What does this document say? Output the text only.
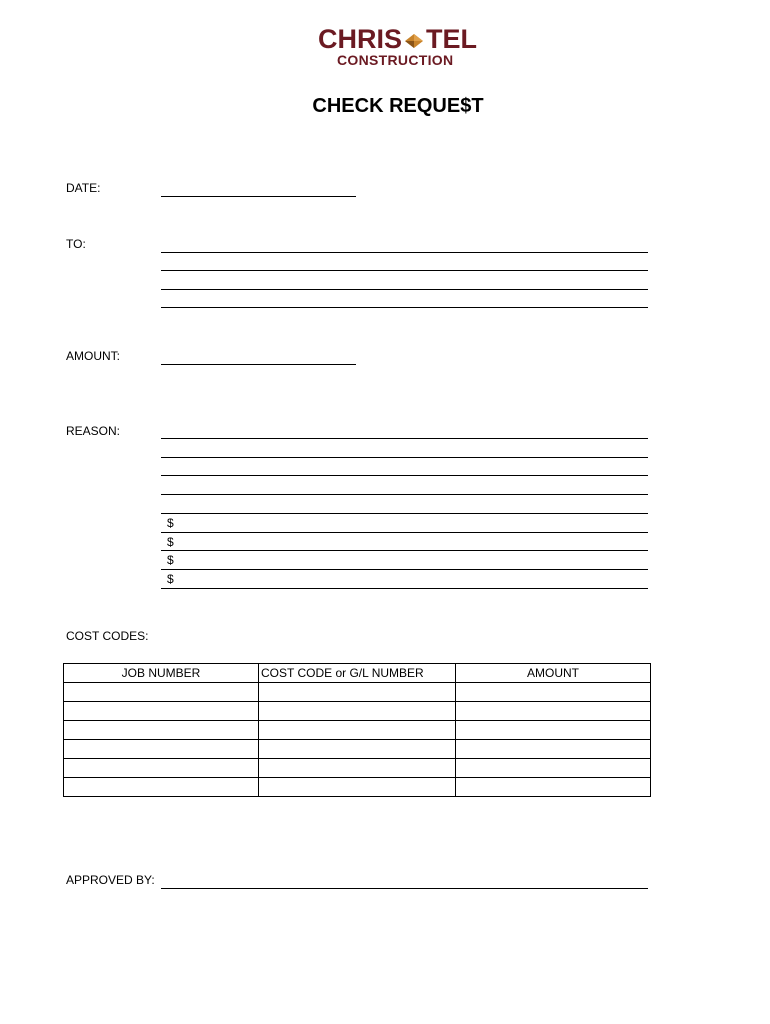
CHRIS TEL
CONSTRUCTION
CHECK REQUE$T
DATE:
TO:
AMOUNT:
REASON:
$
$
$
$
COST CODES:
JOB NUMBER	COST CODE or G/L NUMBER	AMOUNT

APPROVED BY:
